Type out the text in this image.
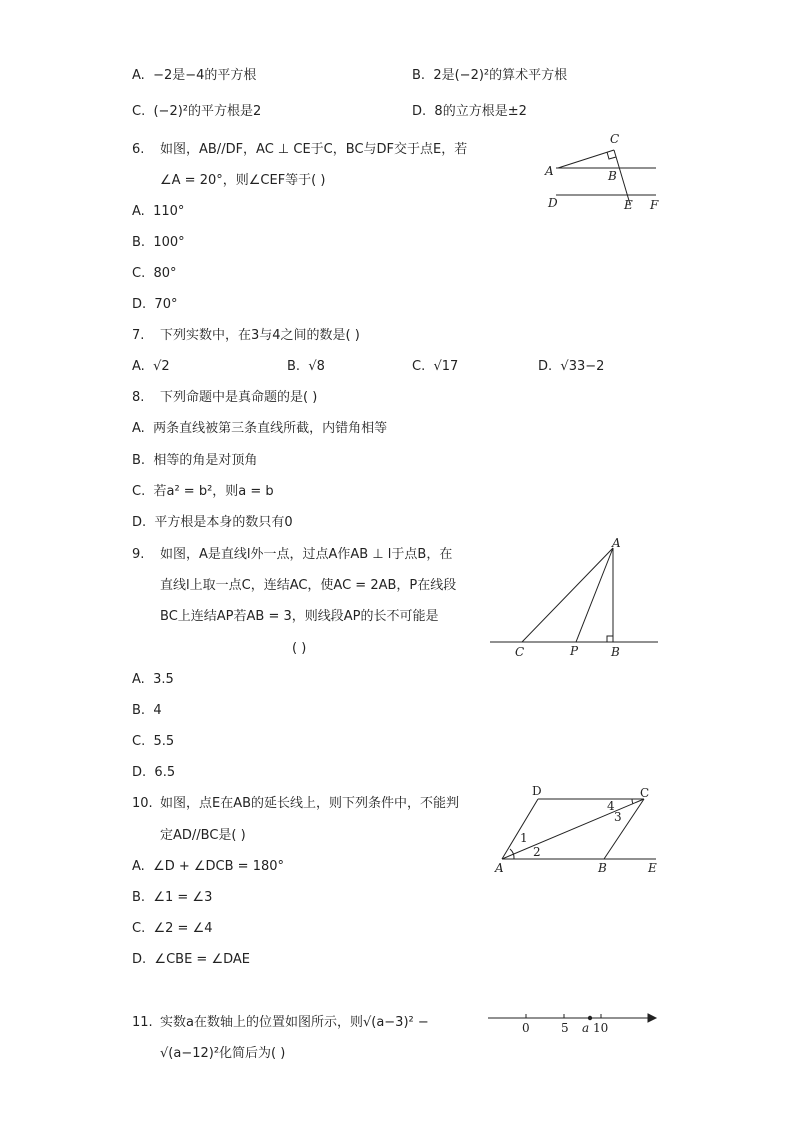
A. −2是−4的平方根	B. 2是(−2)²的算术平方根
C. (−2)²的平方根是2	D. 8的立方根是±2
6. 如图，AB//DF，AC ⊥ CE于C，BC与DF交于点E，若
∠A = 20°，则∠CEF等于( )
A. 110°
B. 100°
C. 80°
D. 70°
C
A	B
D	E F
7. 下列实数中，在3与4之间的数是( )
A. √2	B. √8	C. √17	D. √33−2
8. 下列命题中是真命题的是( )
A. 两条直线被第三条直线所截，内错角相等
B. 相等的角是对顶角
C. 若a² = b²，则a = b
D. 平方根是本身的数只有0
9. 如图，A是直线l外一点，过点A作AB ⊥ l于点B，在
直线l上取一点C，连结AC，使AC = 2AB，P在线段
BC上连结AP若AB = 3，则线段AP的长不可能是
( )
A. 3.5
B. 4
C. 5.5
D. 6.5
A
C	P	B
10. 如图，点E在AB的延长线上，则下列条件中，不能判
定AD//BC是( )
A. ∠D + ∠DCB = 180°
B. ∠1 = ∠3
C. ∠2 = ∠4
D. ∠CBE = ∠DAE
D	C
4
3
1
2
A	B	E
11. 实数a在数轴上的位置如图所示，则√(a−3)² −
√(a−12)²化简后为( )
0	5 a 10
